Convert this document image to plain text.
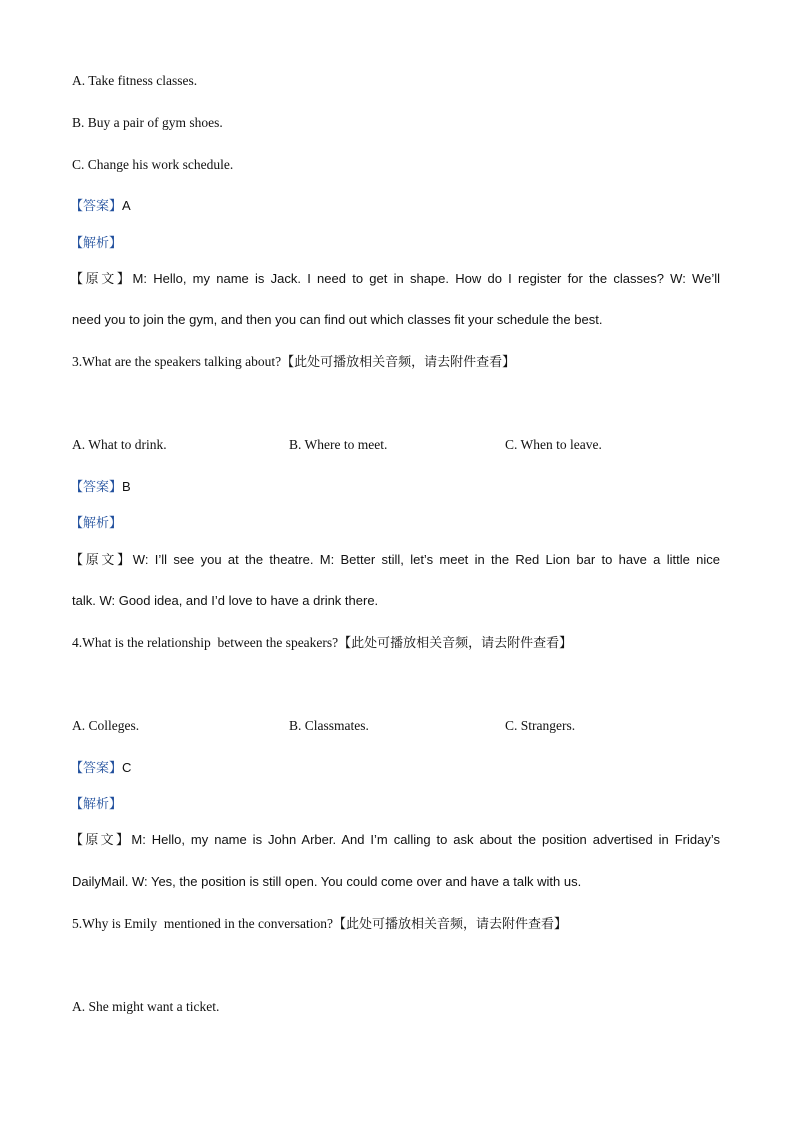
A. Take fitness classes.
B. Buy a pair of gym shoes.
C. Change his work schedule.
【答案】A
【解析】
【原文】M: Hello, my name is Jack. I need to get in shape. How do I register for the classes? W: We’ll
need you to join the gym, and then you can find out which classes fit your schedule the best.
3.What are the speakers talking about?【此处可播放相关音频，请去附件查看】
A. What to drink.	B. Where to meet.	C. When to leave.
【答案】B
【解析】
【原文】W: I’ll see you at the theatre. M: Better still, let’s meet in the Red Lion bar to have a little nice
talk. W: Good idea, and I’d love to have a drink there.
4.What is the relationship  between the speakers?【此处可播放相关音频，请去附件查看】
A. Colleges.	B. Classmates.	C. Strangers.
【答案】C
【解析】
【原文】M: Hello, my name is John Arber. And I’m calling to ask about the position advertised in Friday’s
DailyMail. W: Yes, the position is still open. You could come over and have a talk with us.
5.Why is Emily  mentioned in the conversation?【此处可播放相关音频，请去附件查看】
A. She might want a ticket.
